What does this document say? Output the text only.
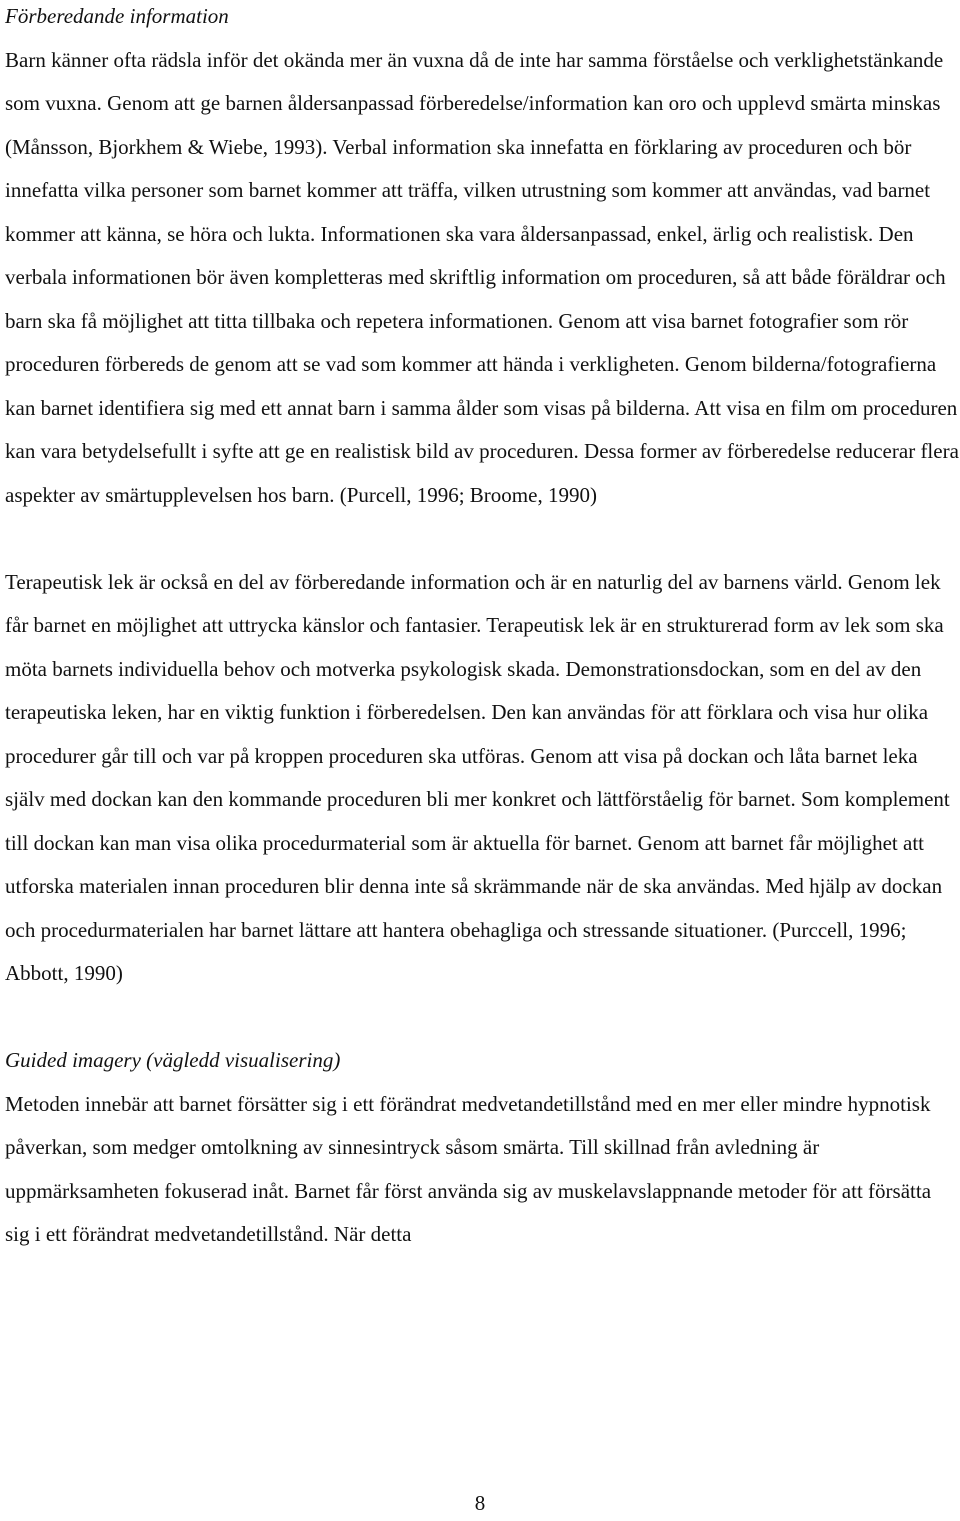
Förberedande information

Barn känner ofta rädsla inför det okända mer än vuxna då de inte har samma förståelse och verklighetstänkande som vuxna. Genom att ge barnen åldersanpassad förberedelse/information kan oro och upplevd smärta minskas (Månsson, Bjorkhem & Wiebe, 1993). Verbal information ska innefatta en förklaring av proceduren och bör innefatta vilka personer som barnet kommer att träffa, vilken utrustning som kommer att användas, vad barnet kommer att känna, se höra och lukta. Informationen ska vara åldersanpassad, enkel, ärlig och realistisk. Den verbala informationen bör även kompletteras med skriftlig information om proceduren, så att både föräldrar och barn ska få möjlighet att titta tillbaka och repetera informationen. Genom att visa barnet fotografier som rör proceduren förbereds de genom att se vad som kommer att hända i verkligheten. Genom bilderna/fotografierna kan barnet identifiera sig med ett annat barn i samma ålder som visas på bilderna. Att visa en film om proceduren kan vara betydelsefullt i syfte att ge en realistisk bild av proceduren. Dessa former av förberedelse reducerar flera aspekter av smärtupplevelsen hos barn. (Purcell, 1996; Broome, 1990)

Terapeutisk lek är också en del av förberedande information och är en naturlig del av barnens värld. Genom lek får barnet en möjlighet att uttrycka känslor och fantasier. Terapeutisk lek är en strukturerad form av lek som ska möta barnets individuella behov och motverka psykologisk skada. Demonstrationsdockan, som en del av den terapeutiska leken, har en viktig funktion i förberedelsen. Den kan användas för att förklara och visa hur olika procedurer går till och var på kroppen proceduren ska utföras. Genom att visa på dockan och låta barnet leka själv med dockan kan den kommande proceduren bli mer konkret och lättförståelig för barnet. Som komplement till dockan kan man visa olika procedurmaterial som är aktuella för barnet. Genom att barnet får möjlighet att utforska materialen innan proceduren blir denna inte så skrämmande när de ska användas. Med hjälp av dockan och procedurmaterialen har barnet lättare att hantera obehagliga och stressande situationer. (Purccell, 1996; Abbott, 1990)

Guided imagery (vägledd visualisering)

Metoden innebär att barnet försätter sig i ett förändrat medvetandetillstånd med en mer eller mindre hypnotisk påverkan, som medger omtolkning av sinnesintryck såsom smärta. Till skillnad från avledning är uppmärksamheten fokuserad inåt. Barnet får först använda sig av muskelavslappnande metoder för att försätta sig i ett förändrat medvetandetillstånd. När detta

8
